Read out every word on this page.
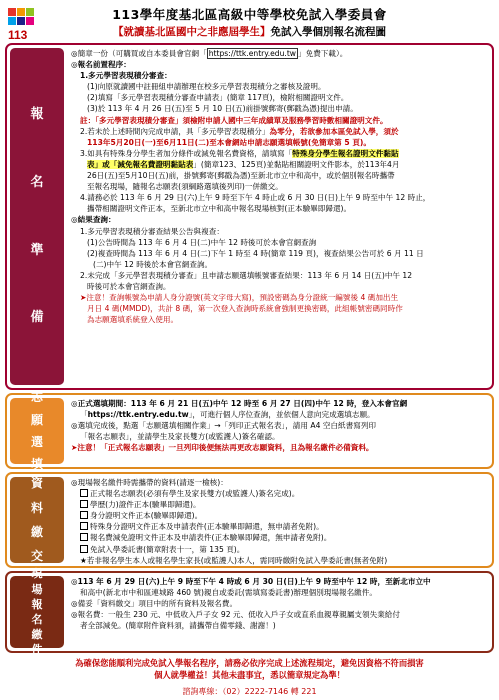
113
113學年度基北區高級中等學校免試入學委員會
【就讀基北區國中之非應屆學生】免試入學個別報名流程圖
報
名
準
備

◎簡章一份（可購買或自本委員會官網「 https://ttk.entry.edu.tw 」免費下載）。

◎報名前置程序：

1.多元學習表現積分審查：

(1)向原就讀國中註冊組申請辦理在校多元學習表現積分之審核及證明。

(2)填寫「多元學習表現積分審查申請表」(簡章 117頁)，檢附相關證明文件。

(3)於 113 年 4 月 26 日(五)至 5 月 10 日(五)前掛號郵寄(郵戳為憑)提出申請。

註：「多元學習表現積分審查」須檢附申請人國中三年成績單及服務學習時數相關證明文件。

2.若未於上述時間內完成申請，具「多元學習表現積分」為零分，若欲參加本區免試入學，須於

113年5月20日(一)至6月11日(二)至本會網站申請志願選填帳號(免簡章第 5 頁)。

3.如具有特殊身分學生者加分條件或減免報名費資格，請填寫「特殊身分學生報名證明文件黏貼

表」或「減免報名費證明黏貼表」(簡章123、125頁)並黏貼相關證明文件影本，於113年4月

26日(五)至5月10日(五)前，掛號郵寄(郵戳為憑)至新北市立中和高中，或於個別報名時攜帶

至報名現場，隨報名志願表(須綱路選填後列印)一併繳交。

4.請務必於 113 年 6 月 29 日(六)上午 9 時至下午 4 時止或 6 月 30 日(日)上午 9 時至中午 12 時止，

攜帶相關證明文件正本，至新北市立中和高中報名現場核對(正本驗畢即歸還)。

◎結果查詢：

1.多元學習表現積分審查結果公告與複查：

(1)公告時間為 113 年 6 月 4 日(二)中午 12 時後可於本會官網查詢

(2)複查時間為 113 年 6 月 4 日(二)下午 1 時至 4 時(簡章 119 頁)，複查結果公告可於 6 月 11 日

(二)中午 12 時後於本會官網查詢。

2.未完成「多元學習表現積分審查」且申請志願選填帳號審查結果：113 年 6 月 14 日(五)中午 12

時後可於本會官網查詢。

➤注意！查詢帳號為申請人身分證號(英文字母大寫)，預設密碼為身分證統一編號後 4 碼加出生

月日 4 碼(MMDD)，共計 8 碼，第一次登入查詢時系統會強制更換密碼，此組帳號密碼同時作

為志願選填系統登入使用。

志
願
選
填

◎正式選填期間：113 年 6 月 21 日(五)中午 12 時至 6 月 27 日(四)中午 12 時，登入本會官網

「https://ttk.entry.edu.tw」，可進行個人序位查詢，並依個人意向完成選填志願。

◎選填完成後，點選「志願選填相關作業」→「列印正式報名表」，請用 A4 空白紙書寫列印

「報名志願表」，並請學生及家長雙方(或監護人)簽名確認。

➤注意！「正式報名志願表」一旦列印後便無法再更改志願資料，且為報名繳件必備資料。

資
料
繳
交

◎現場報名繳件時需攜帶的資料(請逐一檢核)：

正式報名志願表(必須有學生及家長雙方(或監護人)簽名完成)。

學歷(力)證件正本(驗畢即歸還)。

身分證明文件正本(驗畢即歸還)。

特殊身分證明文件正本及申請表件(正本驗畢即歸還，無申請者免附)。

報名費減免證明文件正本及申請表件(正本驗畢即歸還，無申請者免附)。

免試入學委託書(簡章附表十一，第 135 頁)。

★若非報名學生本人或報名學生家長(或監護人)本人，需同時繳附免試入學委託書(無者免附)

現
場
報
名
繳
件

◎113 年 6 月 29 日(六)上午 9 時至下午 4 時或 6 月 30 日(日)上午 9 時至中午 12 時，至新北市立中

和高中(新北市中和區連城路 460 號)親自或委託(需填寫委託書)辦理個別現場報名繳件。

◎備妥「資料繳交」項目中的所有資料及報名費。

◎報名費：一般生 230 元、中低收入戶子女 92 元、低收入戶子女或直系血親尊親屬支領失業給付

者全部減免。(簡章附件資料須，請攜帶自備零錢、謝謝！)

為確保您能順利完成免試入學報名程序，請務必依序完成上述流程規定，避免因資格不符而損害
個人就學權益！其他未盡事宜，悉以簡章規定為準！
諮詢專線：（02）2222-7146 轉 221
